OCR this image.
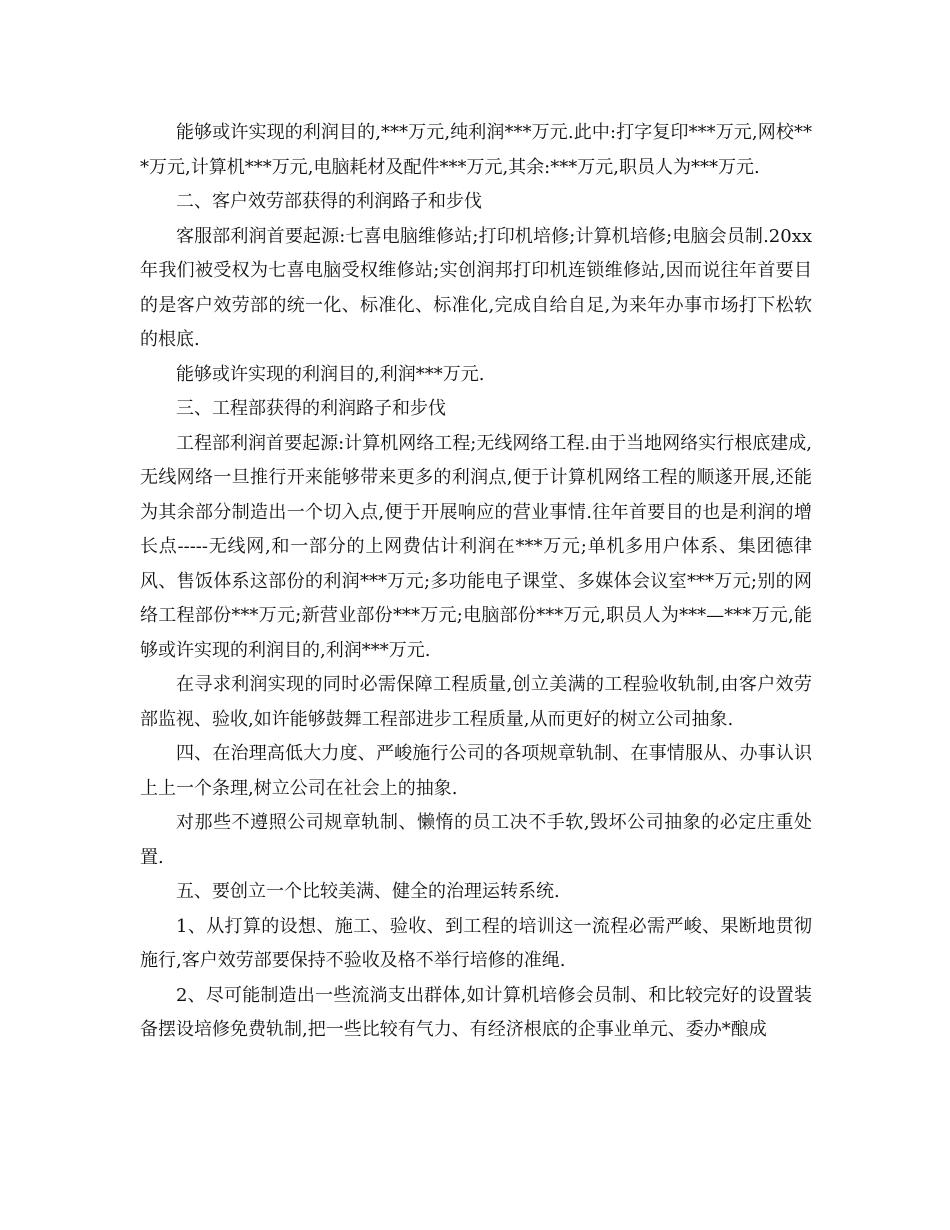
能够或许实现的利润目的,***万元,纯利润***万元.此中:打字复印***万元,网校***万元,计算机***万元,电脑耗材及配件***万元,其余:***万元,职员人为***万元.

二、客户效劳部获得的利润路子和步伐

客服部利润首要起源:七喜电脑维修站;打印机培修;计算机培修;电脑会员制.20xx年我们被受权为七喜电脑受权维修站;实创润邦打印机连锁维修站,因而说往年首要目的是客户效劳部的统一化、标准化、标准化,完成自给自足,为来年办事市场打下松软的根底.

能够或许实现的利润目的,利润***万元.

三、工程部获得的利润路子和步伐

工程部利润首要起源:计算机网络工程;无线网络工程.由于当地网络实行根底建成,无线网络一旦推行开来能够带来更多的利润点,便于计算机网络工程的顺遂开展,还能为其余部分制造出一个切入点,便于开展响应的营业事情.往年首要目的也是利润的增长点-----无线网,和一部分的上网费估计利润在***万元;单机多用户体系、集团德律风、售饭体系这部份的利润***万元;多功能电子课堂、多媒体会议室***万元;别的网络工程部份***万元;新营业部份***万元;电脑部份***万元,职员人为***—***万元,能够或许实现的利润目的,利润***万元.

在寻求利润实现的同时必需保障工程质量,创立美满的工程验收轨制,由客户效劳部监视、验收,如许能够鼓舞工程部进步工程质量,从而更好的树立公司抽象.

四、在治理高低大力度、严峻施行公司的各项规章轨制、在事情服从、办事认识上上一个条理,树立公司在社会上的抽象.

对那些不遵照公司规章轨制、懒惰的员工决不手软,毁坏公司抽象的必定庄重处置.

五、要创立一个比较美满、健全的治理运转系统.

1、从打算的设想、施工、验收、到工程的培训这一流程必需严峻、果断地贯彻施行,客户效劳部要保持不验收及格不举行培修的准绳.

2、尽可能制造出一些流淌支出群体,如计算机培修会员制、和比较完好的设置装备摆设培修免费轨制,把一些比较有气力、有经济根底的企事业单元、委办*酿成
